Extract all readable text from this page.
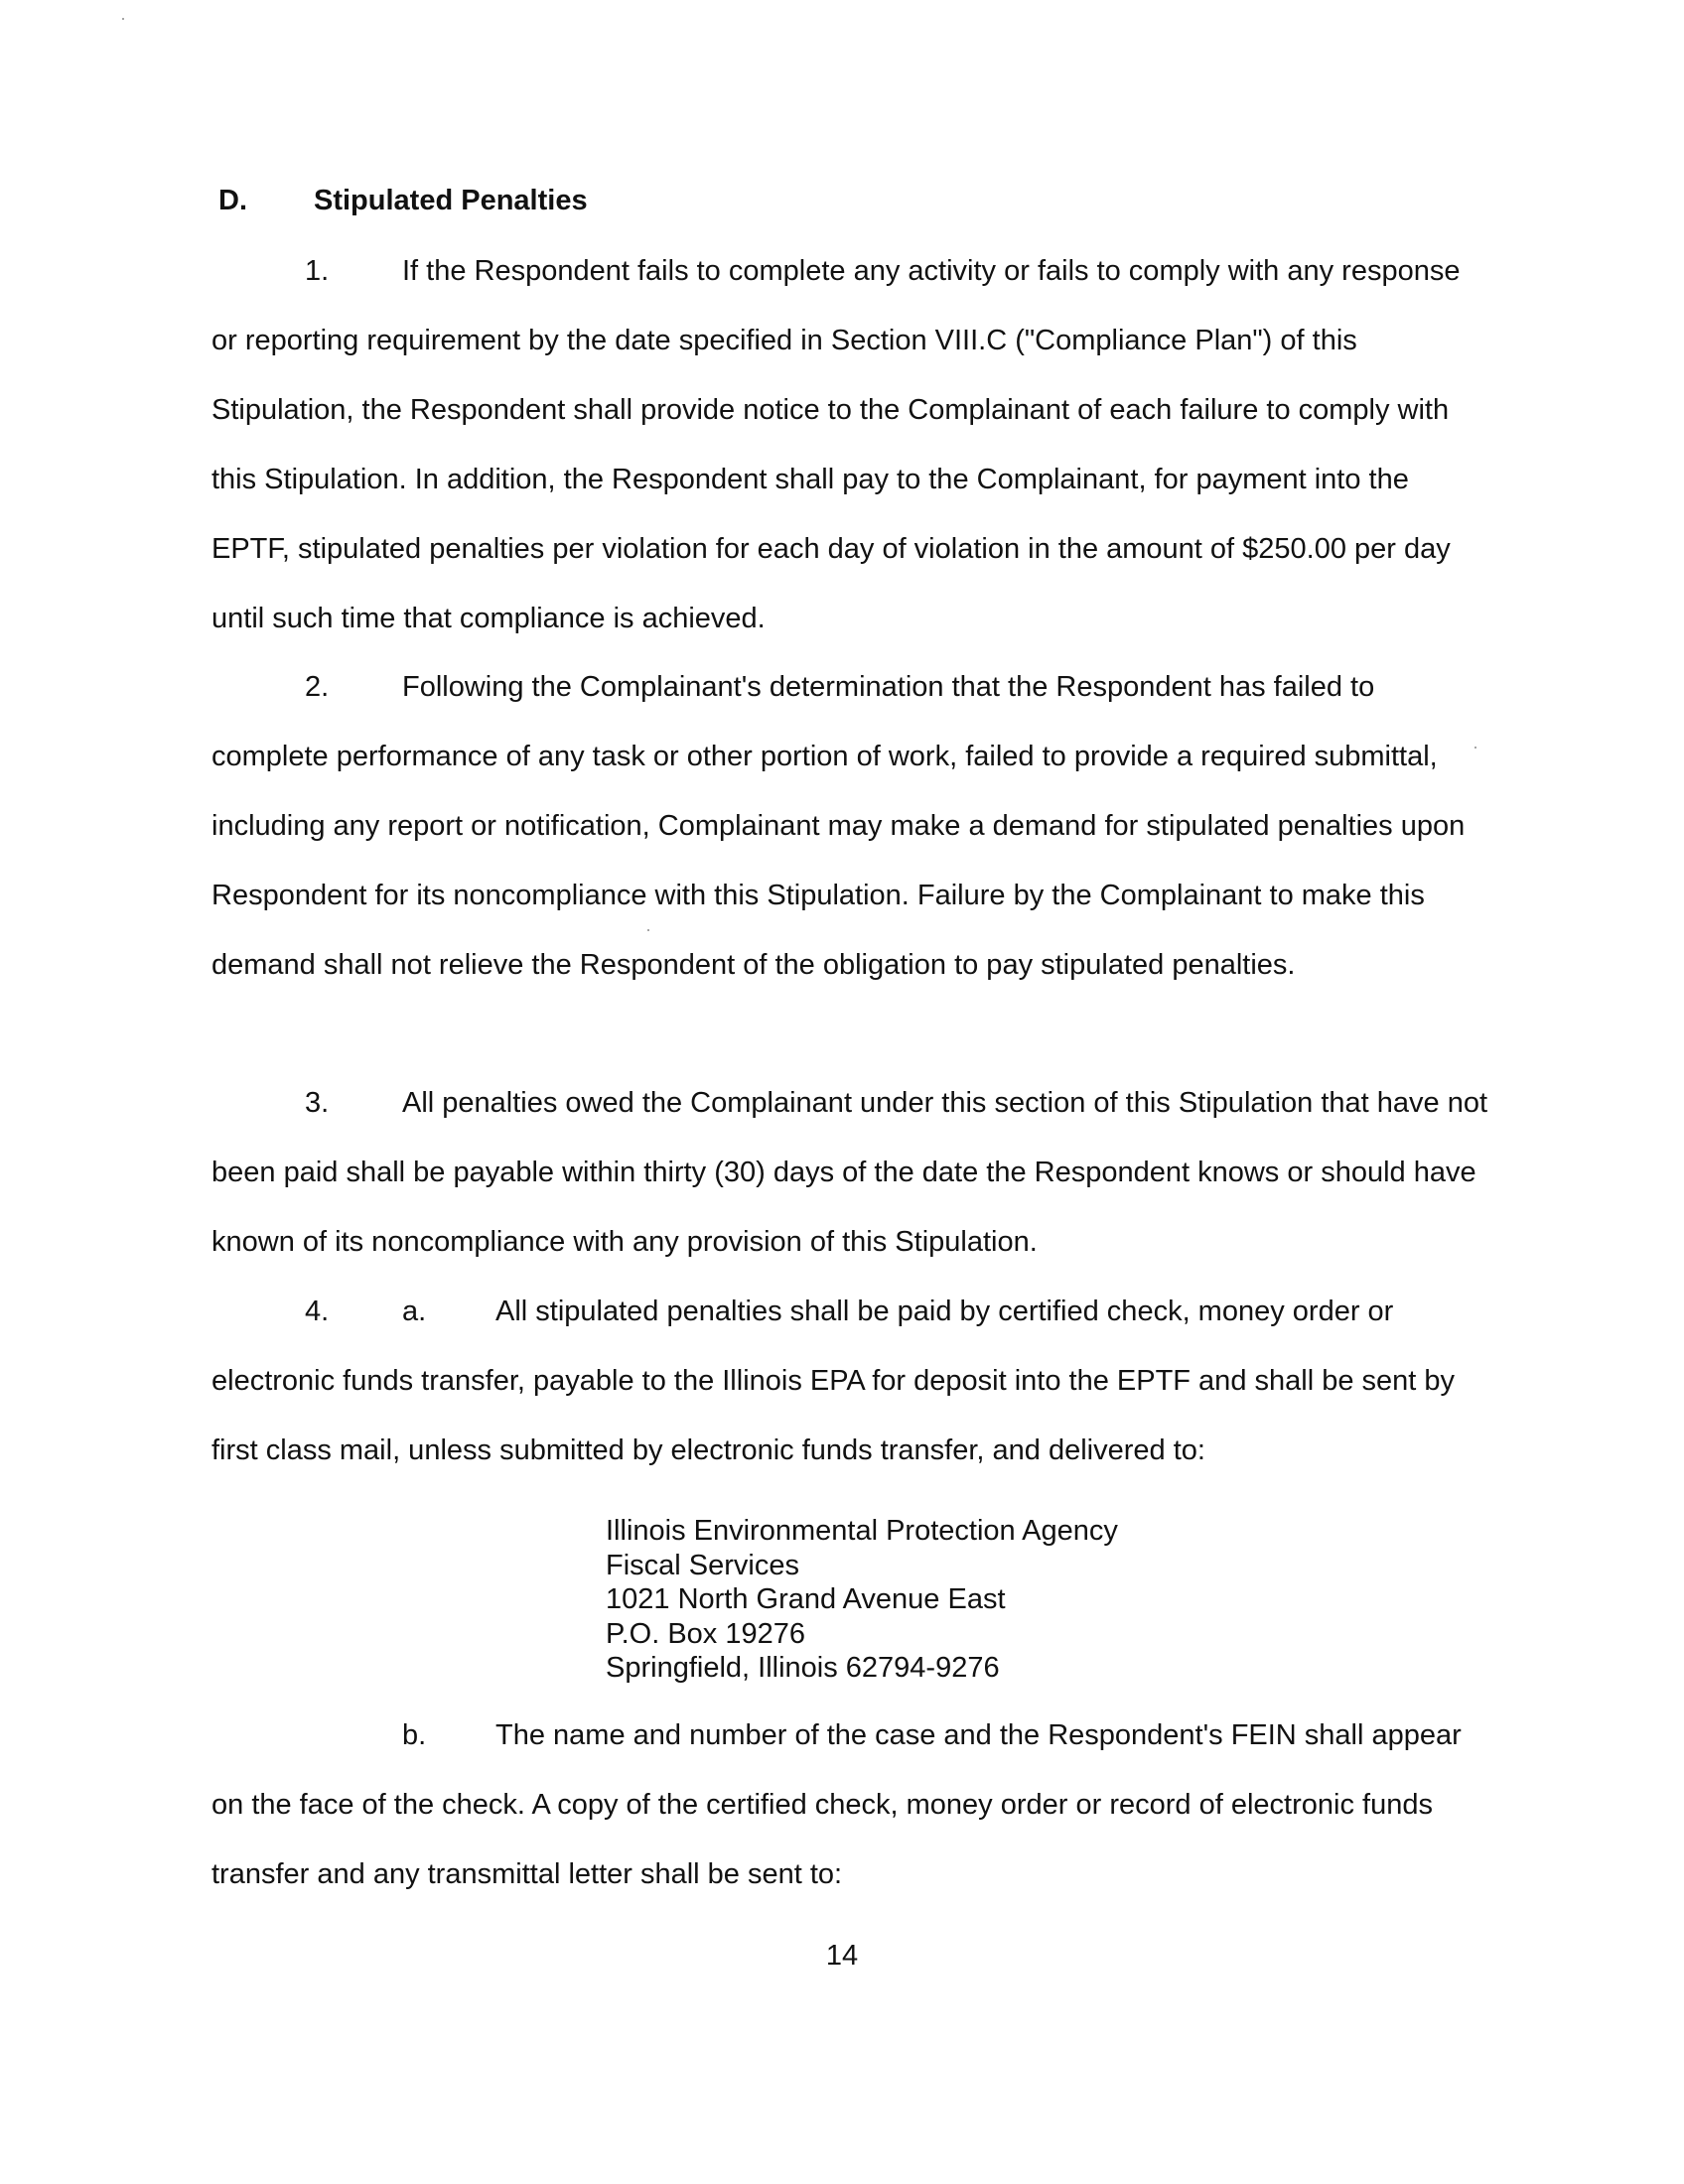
D. Stipulated Penalties
1.	If the Respondent fails to complete any activity or fails to comply with any response or reporting requirement by the date specified in Section VIII.C ("Compliance Plan") of this Stipulation, the Respondent shall provide notice to the Complainant of each failure to comply with this Stipulation. In addition, the Respondent shall pay to the Complainant, for payment into the EPTF, stipulated penalties per violation for each day of violation in the amount of $250.00 per day until such time that compliance is achieved.
2.	Following the Complainant's determination that the Respondent has failed to complete performance of any task or other portion of work, failed to provide a required submittal, including any report or notification, Complainant may make a demand for stipulated penalties upon Respondent for its noncompliance with this Stipulation. Failure by the Complainant to make this demand shall not relieve the Respondent of the obligation to pay stipulated penalties.
3.	All penalties owed the Complainant under this section of this Stipulation that have not been paid shall be payable within thirty (30) days of the date the Respondent knows or should have known of its noncompliance with any provision of this Stipulation.
4.	a. All stipulated penalties shall be paid by certified check, money order or electronic funds transfer, payable to the Illinois EPA for deposit into the EPTF and shall be sent by first class mail, unless submitted by electronic funds transfer, and delivered to:
Illinois Environmental Protection Agency
Fiscal Services
1021 North Grand Avenue East
P.O. Box 19276
Springfield, Illinois 62794-9276
b. The name and number of the case and the Respondent's FEIN shall appear on the face of the check. A copy of the certified check, money order or record of electronic funds transfer and any transmittal letter shall be sent to:
14
